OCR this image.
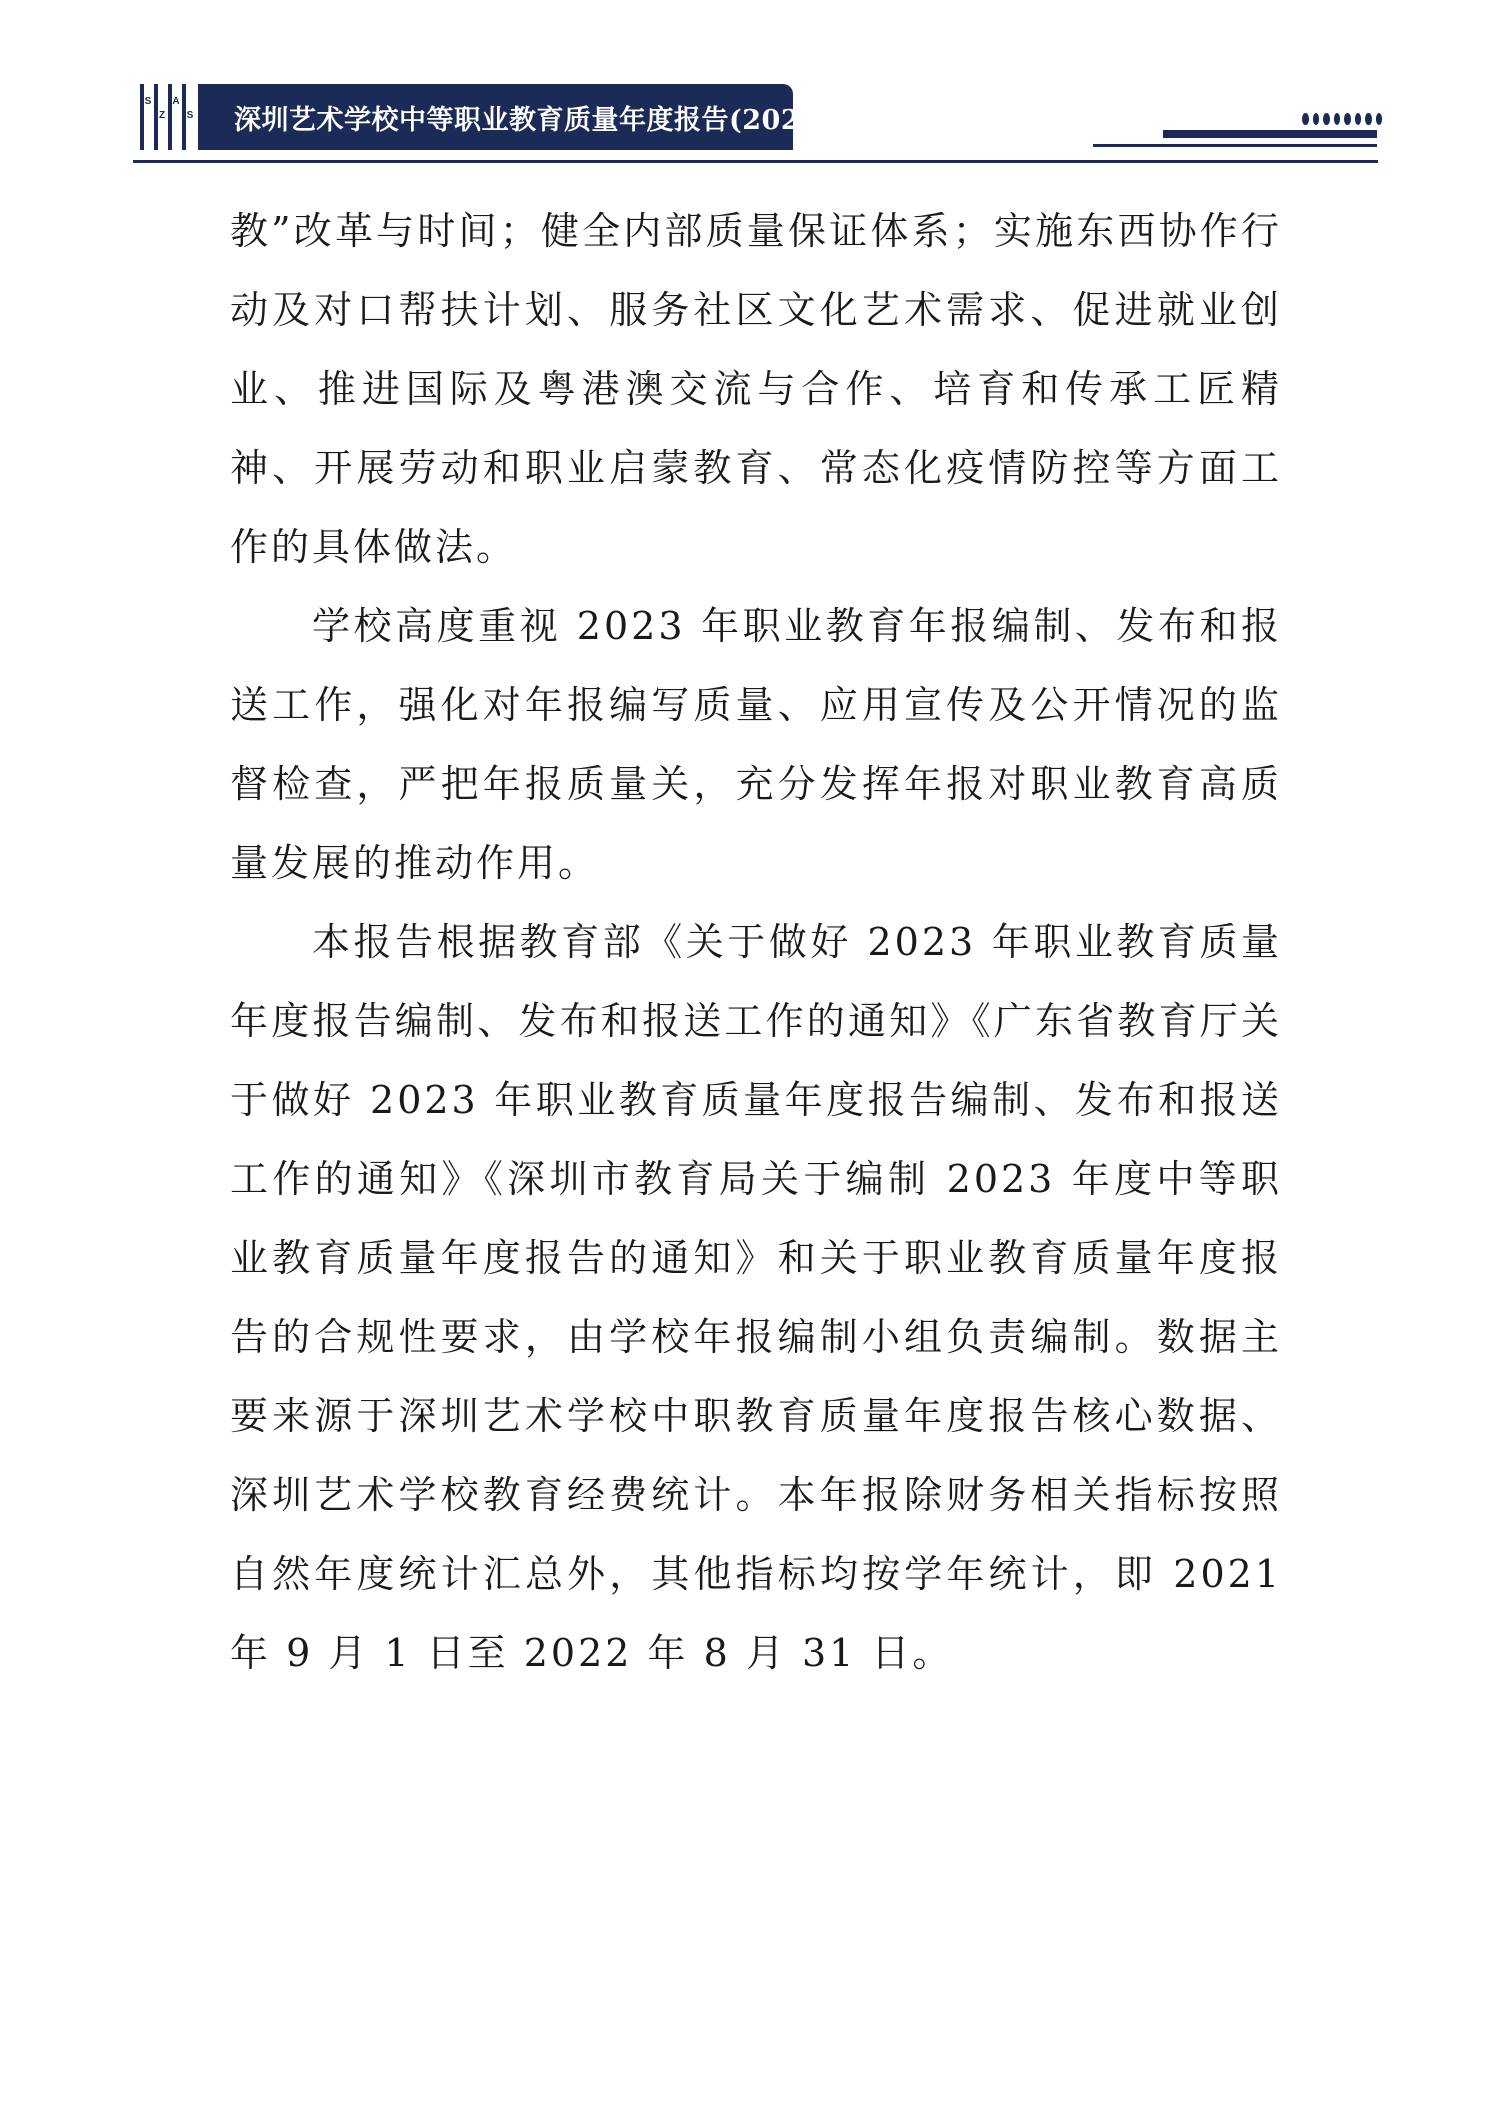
S
Z
A
S 深圳艺术学校中等职业教育质量年度报告(2023)

教”改革与时间；健全内部质量保证体系；实施东西协作行动及对口帮扶计划、服务社区文化艺术需求、促进就业创业、推进国际及粤港澳交流与合作、培育和传承工匠精神、开展劳动和职业启蒙教育、常态化疫情防控等方面工作的具体做法。

学校高度重视 2023 年职业教育年报编制、发布和报送工作，强化对年报编写质量、应用宣传及公开情况的监督检查，严把年报质量关，充分发挥年报对职业教育高质量发展的推动作用。

本报告根据教育部《关于做好 2023 年职业教育质量年度报告编制、发布和报送工作的通知》《广东省教育厅关于做好 2023 年职业教育质量年度报告编制、发布和报送工作的通知》《深圳市教育局关于编制 2023 年度中等职业教育质量年度报告的通知》和关于职业教育质量年度报告的合规性要求，由学校年报编制小组负责编制。数据主要来源于深圳艺术学校中职教育质量年度报告核心数据、深圳艺术学校教育经费统计。本年报除财务相关指标按照自然年度统计汇总外，其他指标均按学年统计，即 2021 年 9 月 1 日至 2022 年 8 月 31 日。
